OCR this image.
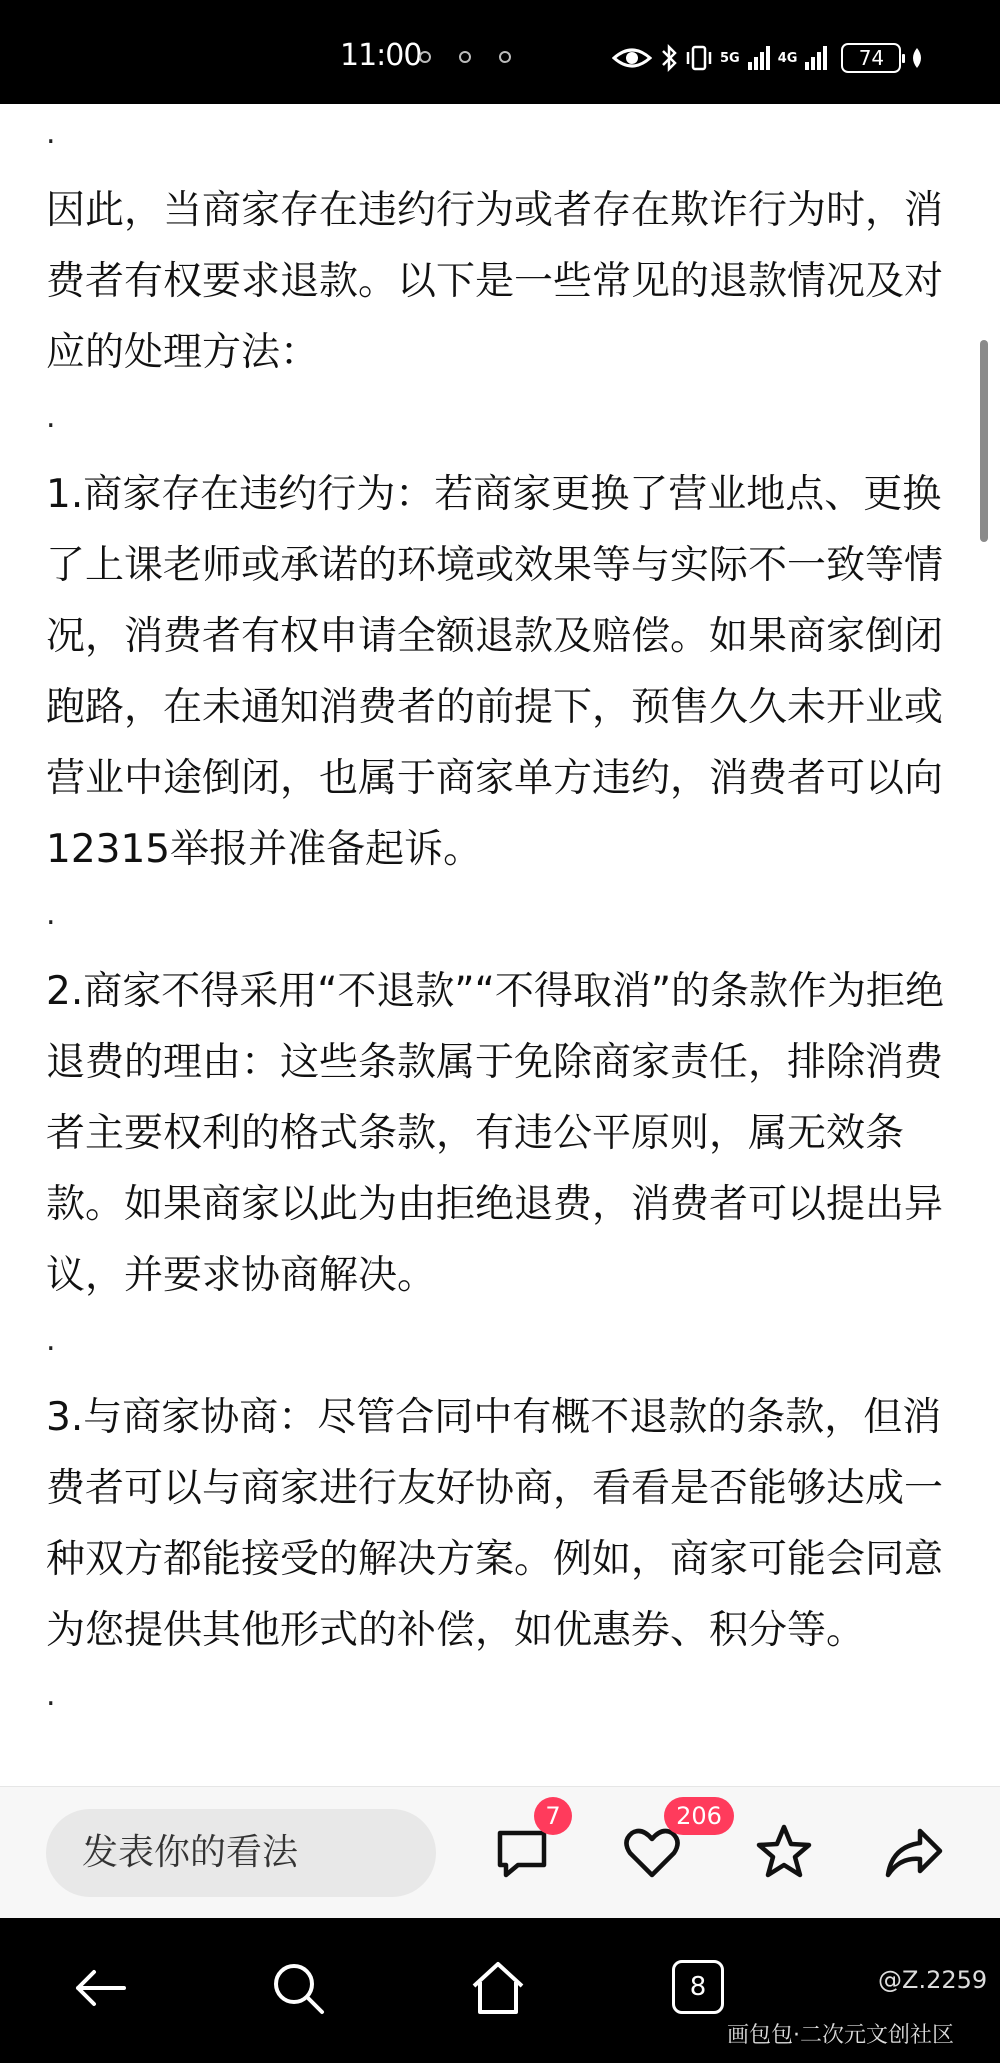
11:00	5G	4G	74
.

因此，当商家存在违约行为或者存在欺诈行为时，消费者有权要求退款。以下是一些常见的退款情况及对应的处理方法：

.

1.商家存在违约行为：若商家更换了营业地点、更换了上课老师或承诺的环境或效果等与实际不一致等情况，消费者有权申请全额退款及赔偿。如果商家倒闭跑路，在未通知消费者的前提下，预售久久未开业或营业中途倒闭，也属于商家单方违约，消费者可以向12315举报并准备起诉。

.

2.商家不得采用“不退款”“不得取消”的条款作为拒绝退费的理由：这些条款属于免除商家责任，排除消费者主要权利的格式条款，有违公平原则，属无效条款。如果商家以此为由拒绝退费，消费者可以提出异议，并要求协商解决。

.

3.与商家协商：尽管合同中有概不退款的条款，但消费者可以与商家进行友好协商，看看是否能够达成一种双方都能接受的解决方案。例如，商家可能会同意为您提供其他形式的补偿，如优惠券、积分等。

.
发表你的看法
7	206
8	@Z.2259
画包包·二次元文创社区
